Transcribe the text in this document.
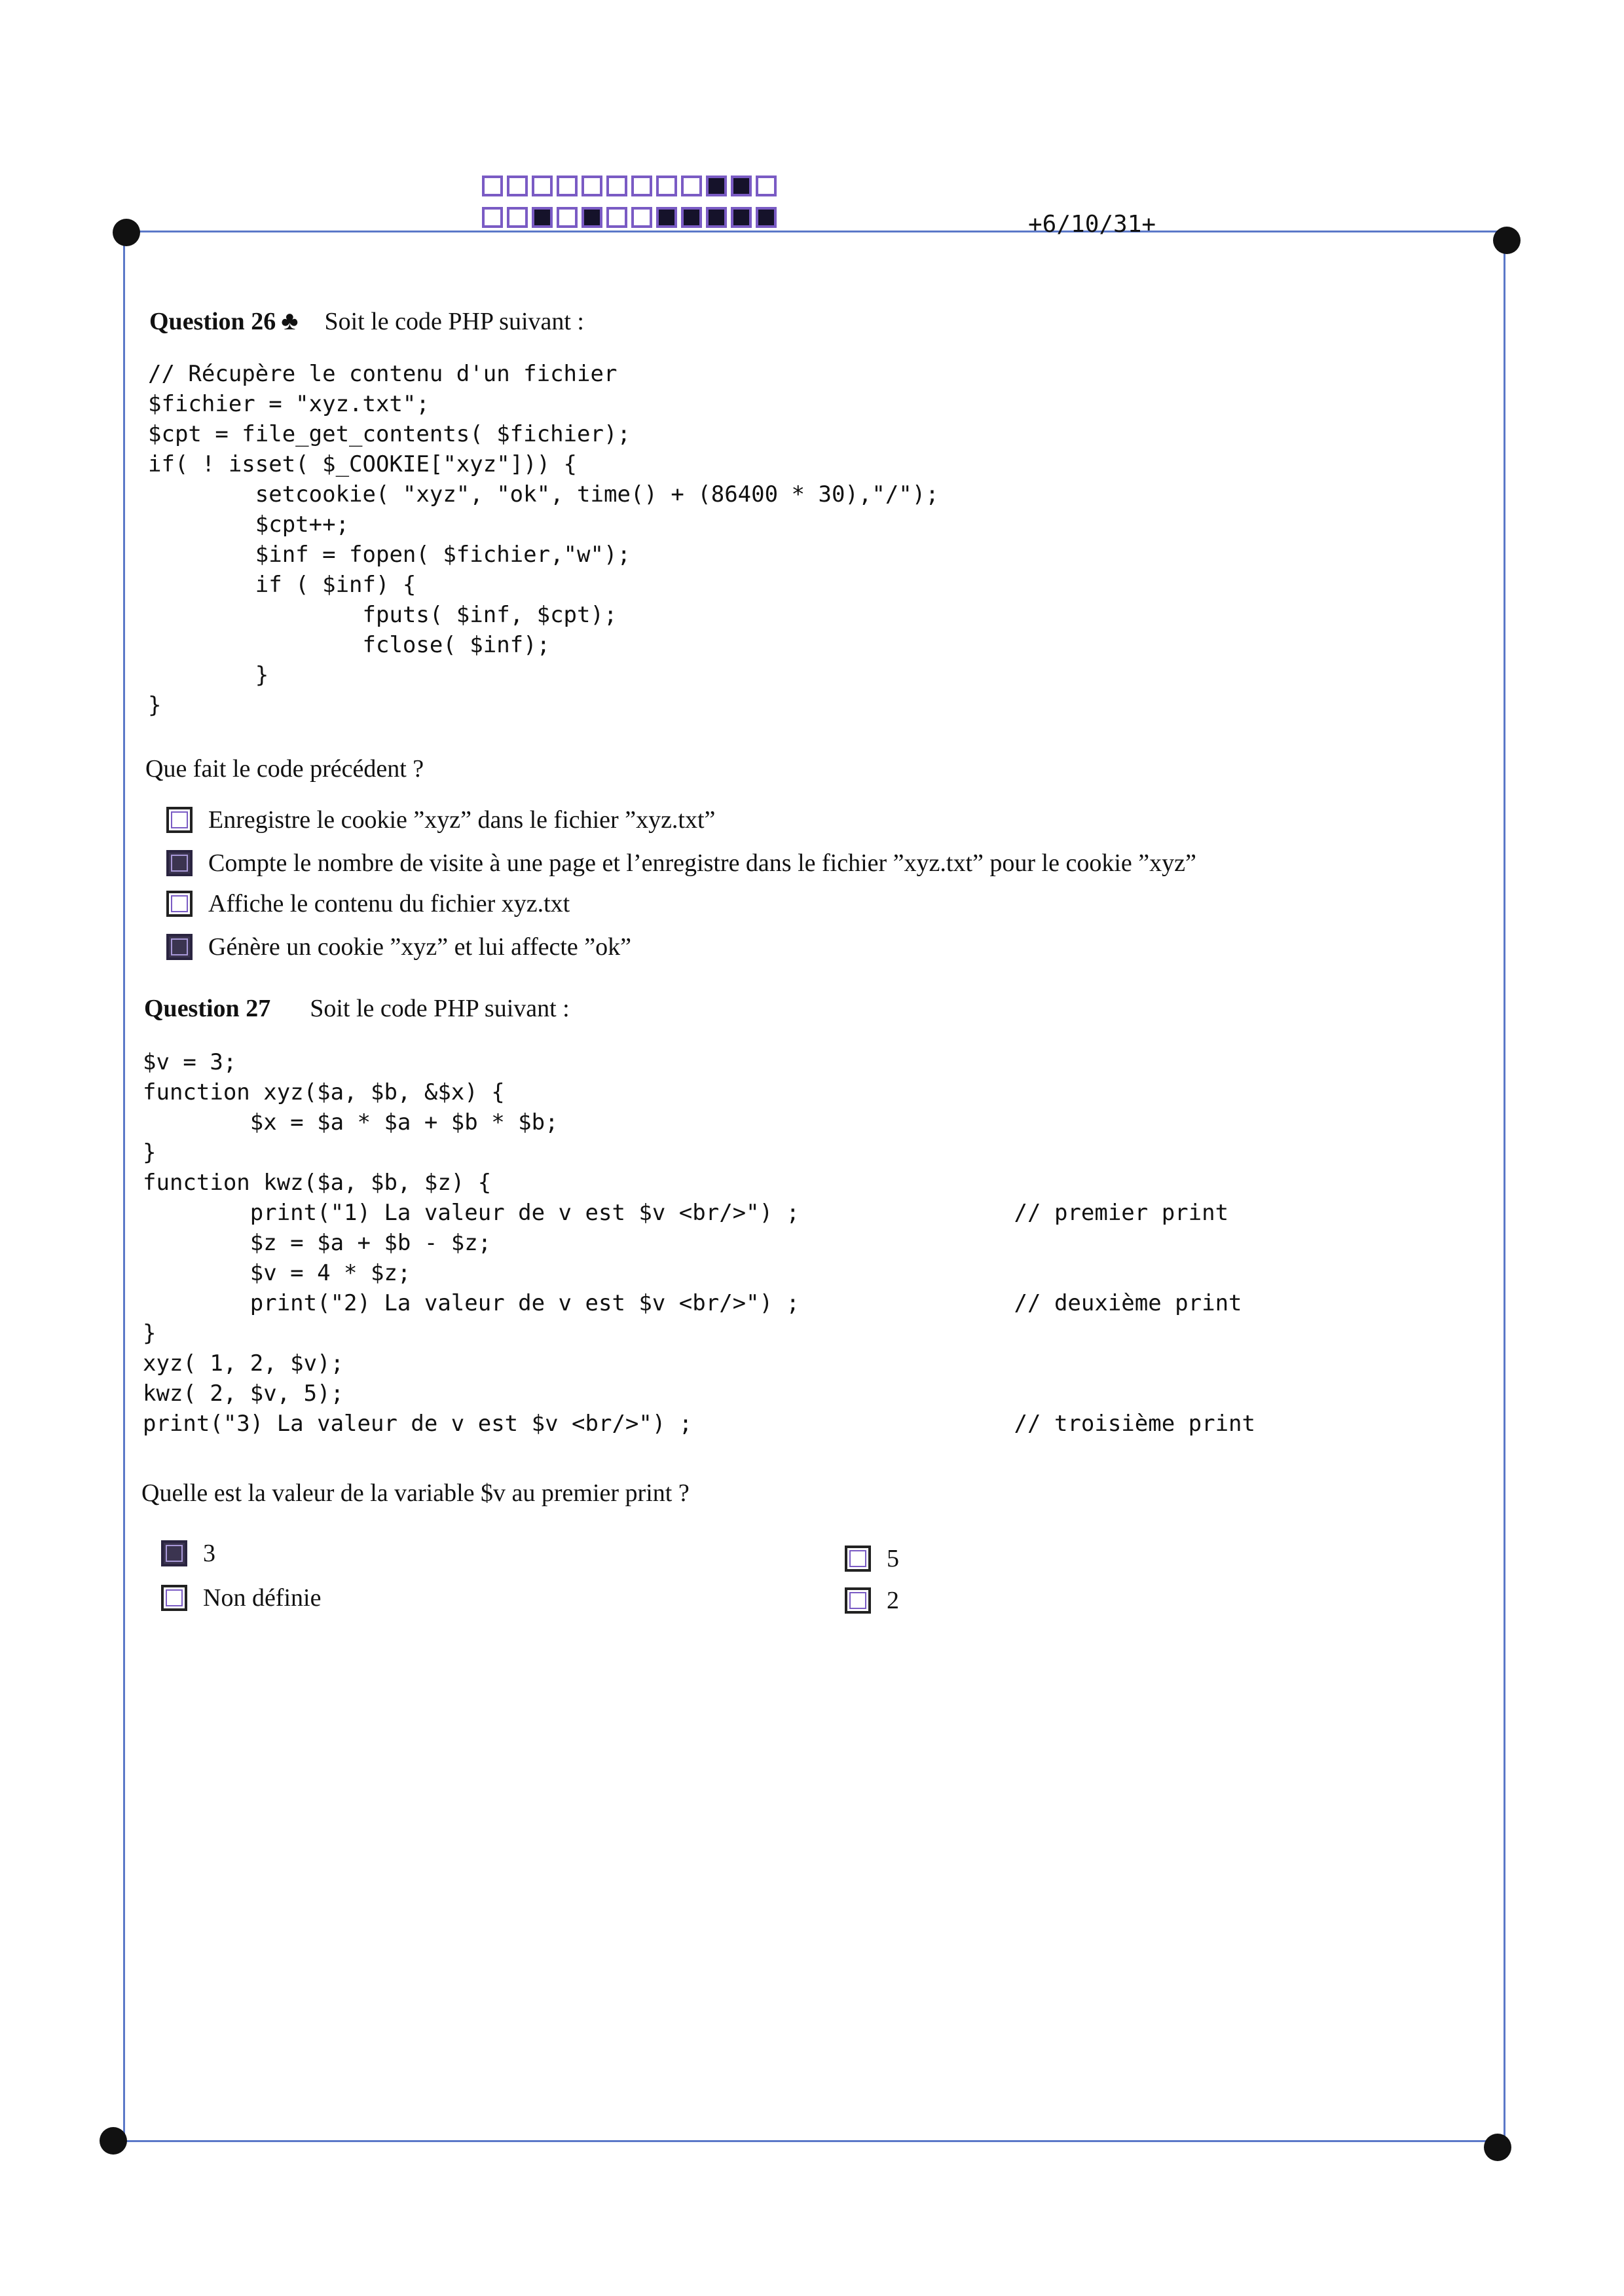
+6/10/31+
Question 26 ♣ Soit le code PHP suivant :
// Récupère le contenu d'un fichier
$fichier = "xyz.txt";
$cpt = file_get_contents( $fichier);
if( ! isset( $_COOKIE["xyz"])) {
setcookie( "xyz", "ok", time() + (86400 * 30),"/");
$cpt++;
$inf = fopen( $fichier,"w");
if ( $inf) {
fputs( $inf, $cpt);
fclose( $inf);
}
}
Que fait le code précédent ?
Enregistre le cookie ”xyz” dans le fichier ”xyz.txt”
Compte le nombre de visite à une page et l’enregistre dans le fichier ”xyz.txt” pour le cookie ”xyz”
Affiche le contenu du fichier xyz.txt
Génère un cookie ”xyz” et lui affecte ”ok”
Question 27 Soit le code PHP suivant :
$v = 3;
function xyz($a, $b, &$x) {
$x = $a * $a + $b * $b;
}
function kwz($a, $b, $z) {
print("1) La valeur de v est $v <br/>") ;                // premier print
$z = $a + $b - $z;
$v = 4 * $z;
print("2) La valeur de v est $v <br/>") ;                // deuxième print
}
xyz( 1, 2, $v);
kwz( 2, $v, 5);
print("3) La valeur de v est $v <br/>") ;                        // troisième print
Quelle est la valeur de la variable $v au premier print ?
3
Non définie
5
2
